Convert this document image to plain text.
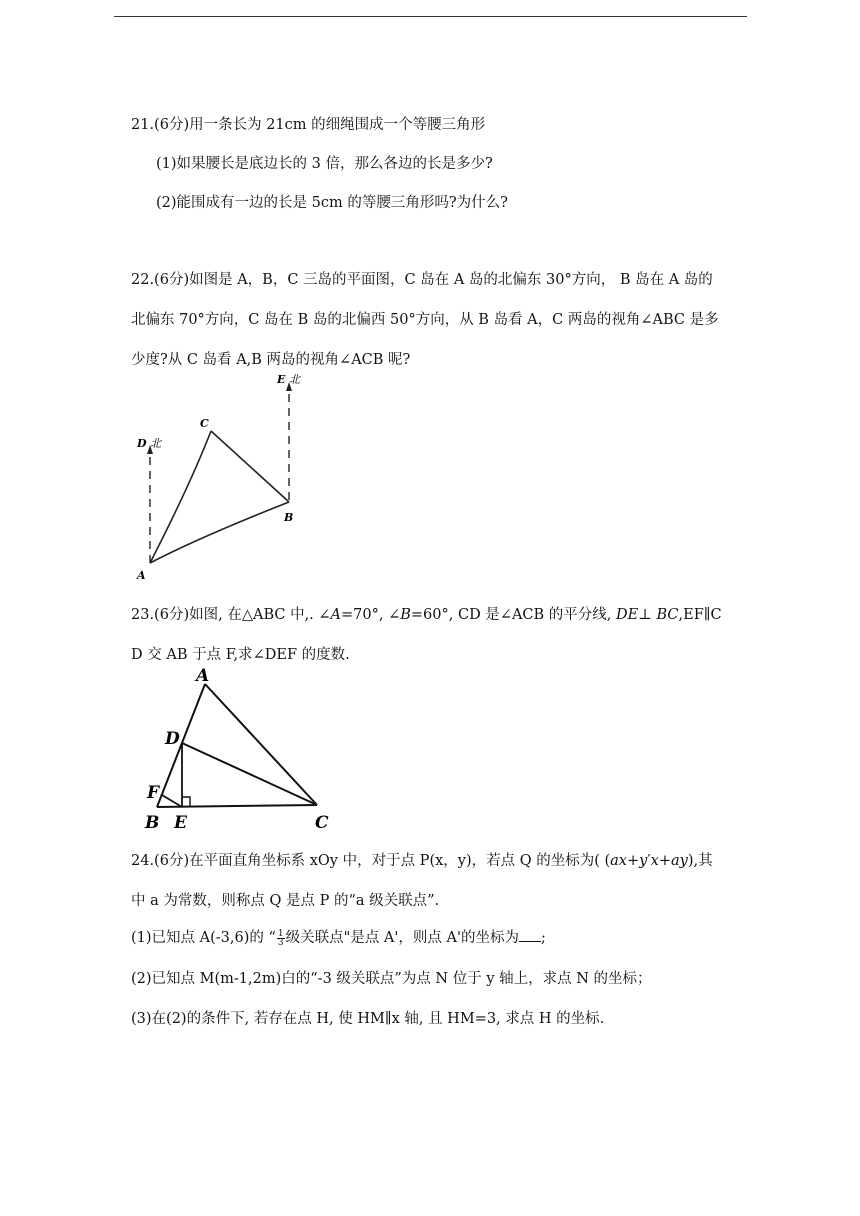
21.(6分)用一条长为 21cm 的细绳围成一个等腰三角形
(1)如果腰长是底边长的 3 倍，那么各边的长是多少?
(2)能围成有一边的长是 5cm 的等腰三角形吗?为什么?
22.(6分)如图是 A，B，C 三岛的平面图，C 岛在 A 岛的北偏东 30°方向， B 岛在 A 岛的
北偏东 70°方向，C 岛在 B 岛的北偏西 50°方向，从 B 岛看 A，C 两岛的视角∠ABC 是多
少度?从 C 岛看 A,B 两岛的视角∠ACB 呢?
A
B
C
D 北
E 北
23.(6分)如图, 在△ABC 中,. ∠A=70°, ∠B=60°, CD 是∠ACB 的平分线, DE⊥ BC,EF∥C
D 交 AB 于点 F,求∠DEF 的度数.
A
D
F
B E	C
24.(6分)在平面直角坐标系 xOy 中，对于点 P(x，y)，若点 Q 的坐标为( (ax+y′x+ay),其
中 a 为常数，则称点 Q 是点 P 的“a 级关联点”.
(1)已知点 A(-3,6)的 “ $\frac{1}{3}$ 级关联点"是点 A'，则点 A'的坐标为 ;
(2)已知点 M(m-1,2m)白的“-3 级关联点”为点 N 位于 y 轴上，求点 N 的坐标；
(3)在(2)的条件下, 若存在点 H, 使 HM∥x 轴, 且 HM=3, 求点 H 的坐标.
